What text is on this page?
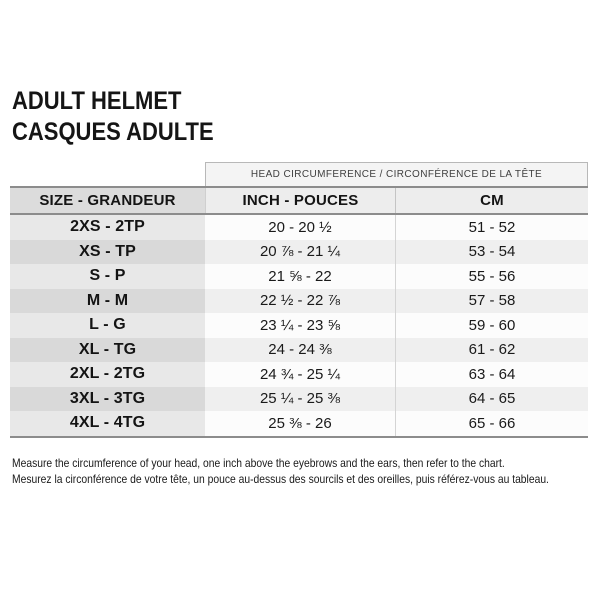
ADULT HELMET
CASQUES ADULTE
HEAD CIRCUMFERENCE / CIRCONFÉRENCE DE LA TÊTE
SIZE - GRANDEUR	INCH - POUCES	CM
2XS - 2TP	20 - 20 ½	51 - 52
XS - TP	20 ⅞ - 21 ¼	53 - 54
S - P	21 ⅝ - 22	55 - 56
M - M	22 ½ - 22 ⅞	57 - 58
L - G	23 ¼ - 23 ⅝	59 - 60
XL - TG	24 - 24 ⅜	61 - 62
2XL - 2TG	24 ¾ - 25 ¼	63 - 64
3XL - 3TG	25 ¼ - 25 ⅜	64 - 65
4XL - 4TG	25 ⅜ - 26	65 - 66
Measure the circumference of your head, one inch above the eyebrows and the ears, then refer to the chart.
Mesurez la circonférence de votre tête, un pouce au-dessus des sourcils et des oreilles, puis référez-vous au tableau.
